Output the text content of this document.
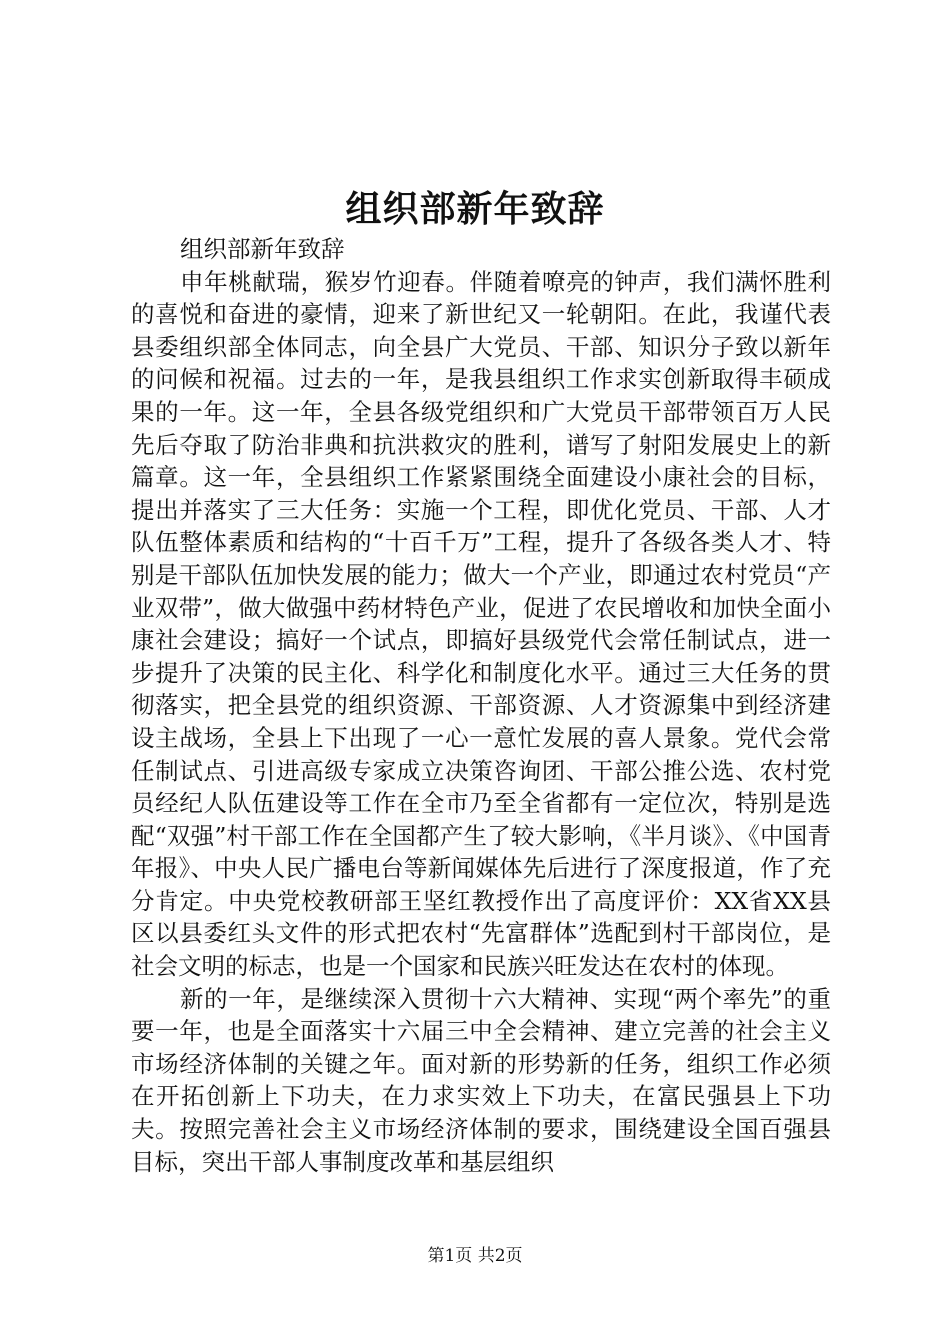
组织部新年致辞

组织部新年致辞

申年桃献瑞，猴岁竹迎春。伴随着嘹亮的钟声，我们满怀胜利的喜悦和奋进的豪情，迎来了新世纪又一轮朝阳。在此，我谨代表县委组织部全体同志，向全县广大党员、干部、知识分子致以新年的问候和祝福。过去的一年，是我县组织工作求实创新取得丰硕成果的一年。这一年，全县各级党组织和广大党员干部带领百万人民先后夺取了防治非典和抗洪救灾的胜利，谱写了射阳发展史上的新篇章。这一年，全县组织工作紧紧围绕全面建设小康社会的目标，提出并落实了三大任务：实施一个工程，即优化党员、干部、人才队伍整体素质和结构的“十百千万”工程，提升了各级各类人才、特别是干部队伍加快发展的能力；做大一个产业，即通过农村党员“产业双带”，做大做强中药材特色产业，促进了农民增收和加快全面小康社会建设；搞好一个试点，即搞好县级党代会常任制试点，进一步提升了决策的民主化、科学化和制度化水平。通过三大任务的贯彻落实，把全县党的组织资源、干部资源、人才资源集中到经济建设主战场，全县上下出现了一心一意忙发展的喜人景象。党代会常任制试点、引进高级专家成立决策咨询团、干部公推公选、农村党员经纪人队伍建设等工作在全市乃至全省都有一定位次，特别是选配“双强”村干部工作在全国都产生了较大影响，《半月谈》、《中国青年报》、中央人民广播电台等新闻媒体先后进行了深度报道，作了充分肯定。中央党校教研部王坚红教授作出了高度评价：XX省XX县区以县委红头文件的形式把农村“先富群体”选配到村干部岗位，是社会文明的标志，也是一个国家和民族兴旺发达在农村的体现。

新的一年，是继续深入贯彻十六大精神、实现“两个率先”的重要一年，也是全面落实十六届三中全会精神、建立完善的社会主义市场经济体制的关键之年。面对新的形势新的任务，组织工作必须在开拓创新上下功夫，在力求实效上下功夫，在富民强县上下功夫。按照完善社会主义市场经济体制的要求，围绕建设全国百强县目标，突出干部人事制度改革和基层组织

第1页 共2页
